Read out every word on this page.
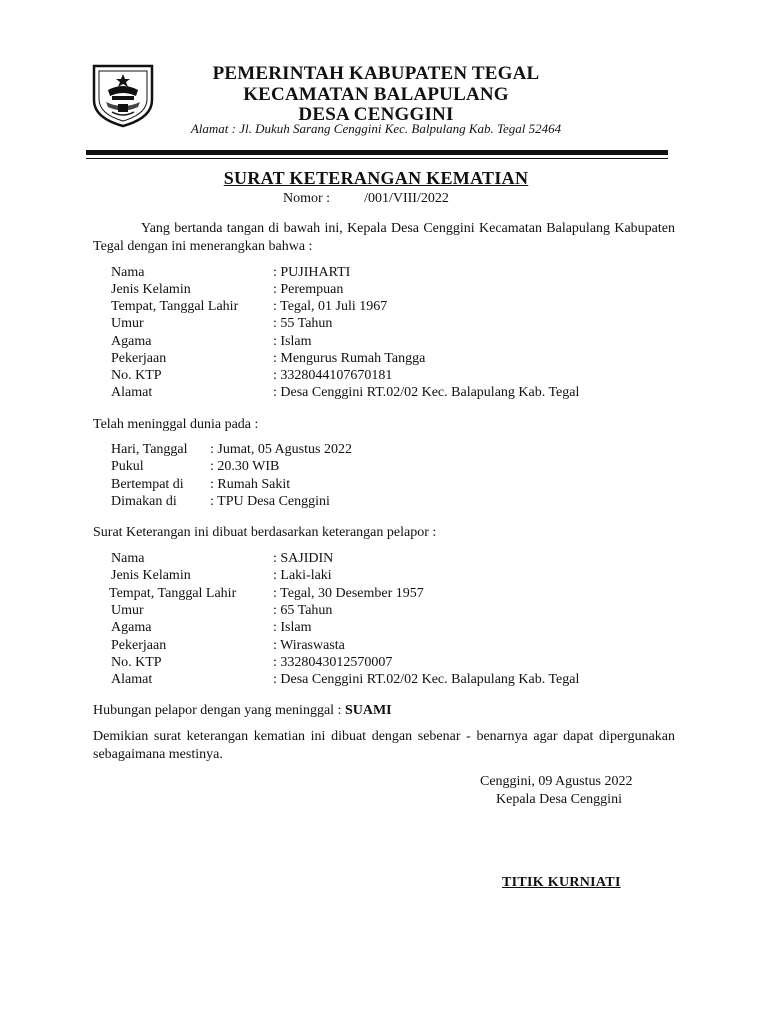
PEMERINTAH KABUPATEN TEGAL
KECAMATAN BALAPULANG
DESA CENGGINI
Alamat : Jl. Dukuh Sarang Cenggini Kec. Balpulang Kab. Tegal 52464
SURAT KETERANGAN KEMATIAN
Nomor : /001/VIII/2022
Yang bertanda tangan di bawah ini, Kepala Desa Cenggini Kecamatan Balapulang Kabupaten Tegal dengan ini menerangkan bahwa :
Nama	: PUJIHARTI
Jenis Kelamin	: Perempuan
Tempat, Tanggal Lahir : Tegal, 01 Juli 1967
Umur	: 55 Tahun
Agama	: Islam
Pekerjaan	: Mengurus Rumah Tangga
No. KTP	: 3328044107670181
Alamat	: Desa Cenggini RT.02/02 Kec. Balapulang Kab. Tegal
Telah meninggal dunia pada :
Hari, Tanggal : Jumat, 05 Agustus 2022
Pukul	: 20.30 WIB
Bertempat di : Rumah Sakit
Dimakan di : TPU Desa Cenggini
Surat Keterangan ini dibuat berdasarkan keterangan pelapor :
Nama	: SAJIDIN
Jenis Kelamin	: Laki-laki
Tempat, Tanggal Lahir	: Tegal, 30 Desember 1957
Umur	: 65 Tahun
Agama	: Islam
Pekerjaan	: Wiraswasta
No. KTP	: 3328043012570007
Alamat	: Desa Cenggini RT.02/02 Kec. Balapulang Kab. Tegal
Hubungan pelapor dengan yang meninggal : SUAMI
Demikian surat keterangan kematian ini dibuat dengan sebenar - benarnya agar dapat dipergunakan sebagaimana mestinya.
Cenggini, 09 Agustus 2022
Kepala Desa Cenggini
TITIK KURNIATI
